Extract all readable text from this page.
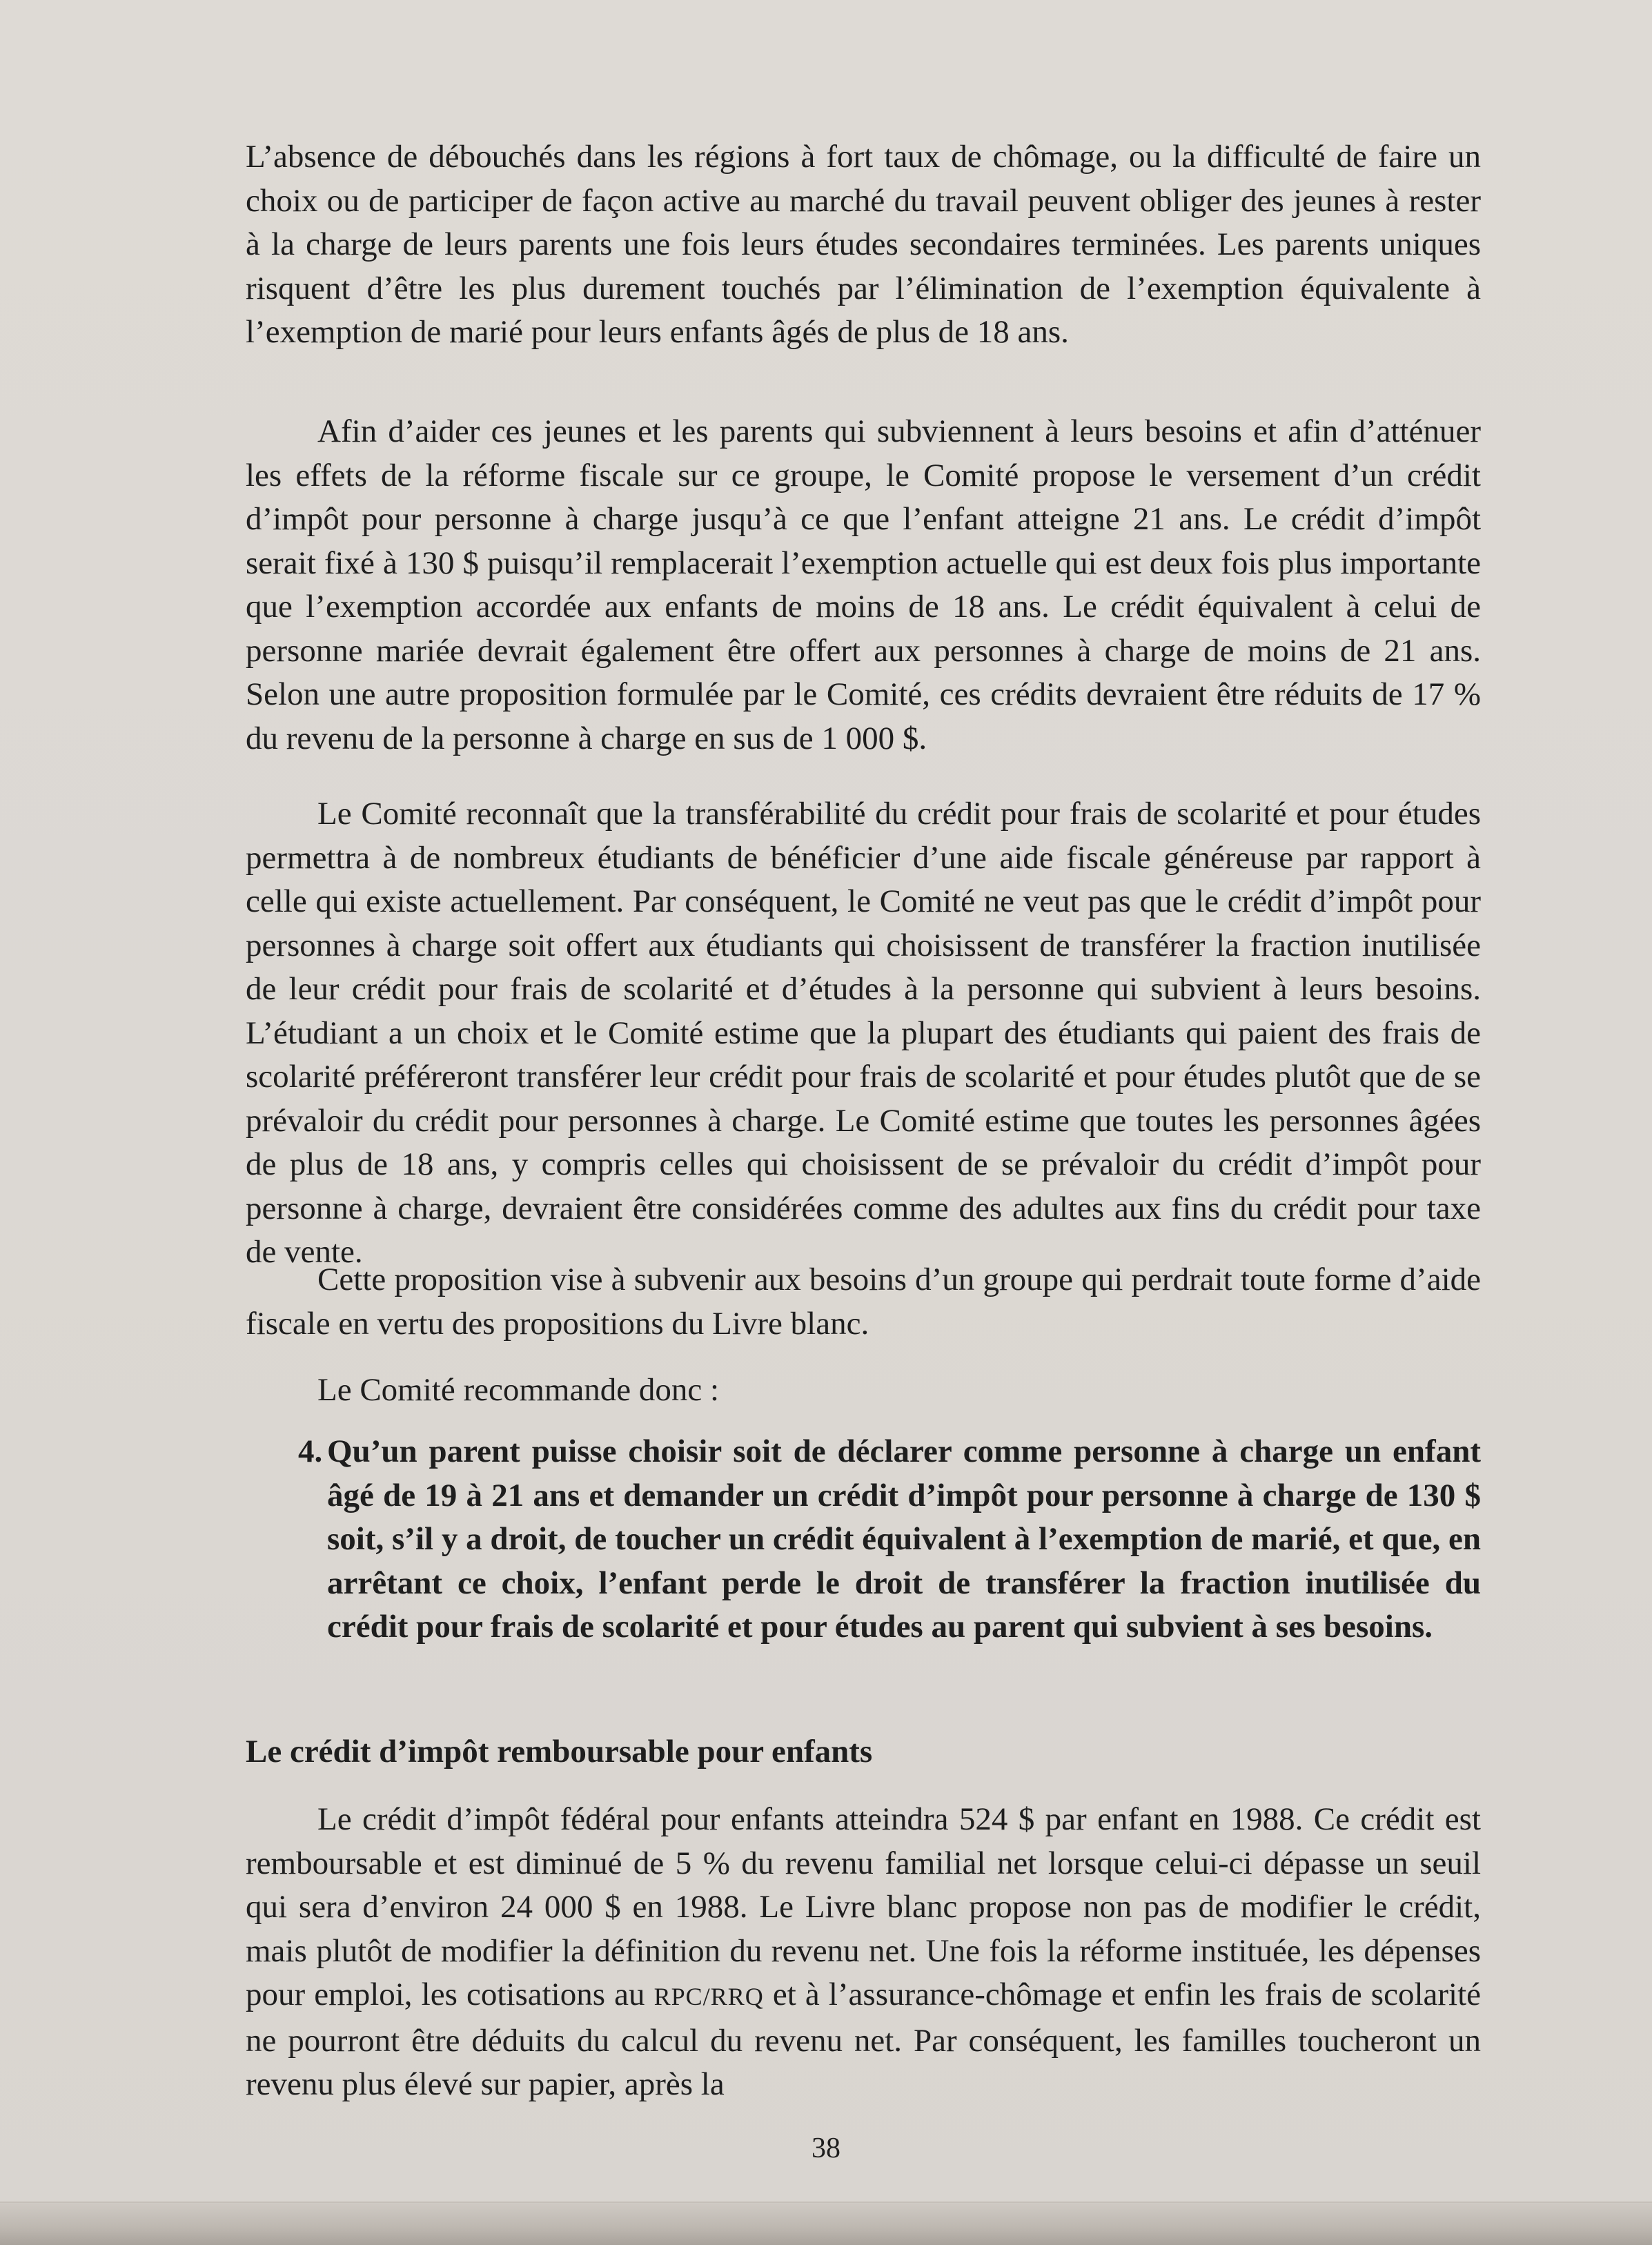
L’absence de débouchés dans les régions à fort taux de chômage, ou la difficulté de faire un choix ou de participer de façon active au marché du travail peuvent obliger des jeunes à rester à la charge de leurs parents une fois leurs études secondaires terminées. Les parents uniques risquent d’être les plus durement touchés par l’élimination de l’exemption équivalente à l’exemption de marié pour leurs enfants âgés de plus de 18 ans.

Afin d’aider ces jeunes et les parents qui subviennent à leurs besoins et afin d’atténuer les effets de la réforme fiscale sur ce groupe, le Comité propose le versement d’un crédit d’impôt pour personne à charge jusqu’à ce que l’enfant atteigne 21 ans. Le crédit d’impôt serait fixé à 130 $ puisqu’il remplacerait l’exemption actuelle qui est deux fois plus importante que l’exemption accordée aux enfants de moins de 18 ans. Le crédit équivalent à celui de personne mariée devrait également être offert aux personnes à charge de moins de 21 ans. Selon une autre proposition formulée par le Comité, ces crédits devraient être réduits de 17 % du revenu de la personne à charge en sus de 1 000 $.

Le Comité reconnaît que la transférabilité du crédit pour frais de scolarité et pour études permettra à de nombreux étudiants de bénéficier d’une aide fiscale généreuse par rapport à celle qui existe actuellement. Par conséquent, le Comité ne veut pas que le crédit d’impôt pour personnes à charge soit offert aux étudiants qui choisissent de transférer la fraction inutilisée de leur crédit pour frais de scolarité et d’études à la personne qui subvient à leurs besoins. L’étudiant a un choix et le Comité estime que la plupart des étudiants qui paient des frais de scolarité préféreront transférer leur crédit pour frais de scolarité et pour études plutôt que de se prévaloir du crédit pour personnes à charge. Le Comité estime que toutes les personnes âgées de plus de 18 ans, y compris celles qui choisissent de se prévaloir du crédit d’impôt pour personne à charge, devraient être considérées comme des adultes aux fins du crédit pour taxe de vente.

Cette proposition vise à subvenir aux besoins d’un groupe qui perdrait toute forme d’aide fiscale en vertu des propositions du Livre blanc.

Le Comité recommande donc :

4. Qu’un parent puisse choisir soit de déclarer comme personne à charge un enfant âgé de 19 à 21 ans et demander un crédit d’impôt pour personne à charge de 130 $ soit, s’il y a droit, de toucher un crédit équivalent à l’exemption de marié, et que, en arrêtant ce choix, l’enfant perde le droit de transférer la fraction inutilisée du crédit pour frais de scolarité et pour études au parent qui subvient à ses besoins.

Le crédit d’impôt remboursable pour enfants

Le crédit d’impôt fédéral pour enfants atteindra 524 $ par enfant en 1988. Ce crédit est remboursable et est diminué de 5 % du revenu familial net lorsque celui-ci dépasse un seuil qui sera d’environ 24 000 $ en 1988. Le Livre blanc propose non pas de modifier le crédit, mais plutôt de modifier la définition du revenu net. Une fois la réforme instituée, les dépenses pour emploi, les cotisations au RPC/RRQ et à l’assurance-chômage et enfin les frais de scolarité ne pourront être déduits du calcul du revenu net. Par conséquent, les familles toucheront un revenu plus élevé sur papier, après la

38
